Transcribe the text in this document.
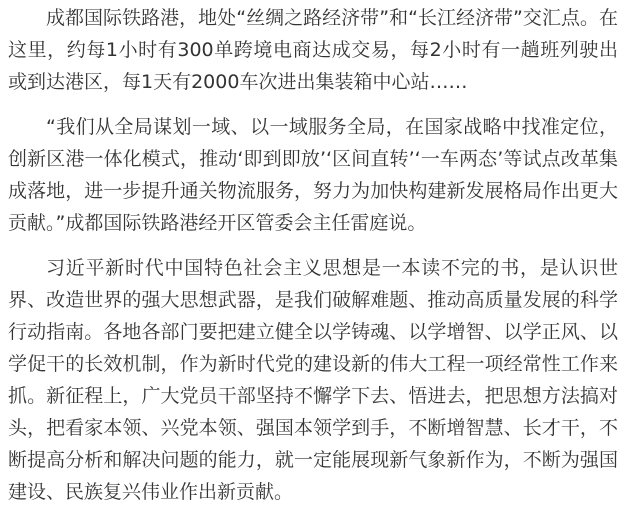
成都国际铁路港，地处“丝绸之路经济带”和“长江经济带”交汇点。在这里，约每1小时有300单跨境电商达成交易，每2小时有一趟班列驶出或到达港区，每1天有2000车次进出集装箱中心站……

“我们从全局谋划一域、以一域服务全局，在国家战略中找准定位，创新区港一体化模式，推动‘即到即放’‘区间直转’‘一车两态’等试点改革集成落地，进一步提升通关物流服务，努力为加快构建新发展格局作出更大贡献。”成都国际铁路港经开区管委会主任雷庭说。

习近平新时代中国特色社会主义思想是一本读不完的书，是认识世界、改造世界的强大思想武器，是我们破解难题、推动高质量发展的科学行动指南。各地各部门要把建立健全以学铸魂、以学增智、以学正风、以学促干的长效机制，作为新时代党的建设新的伟大工程一项经常性工作来抓。新征程上，广大党员干部坚持不懈学下去、悟进去，把思想方法搞对头，把看家本领、兴党本领、强国本领学到手，不断增智慧、长才干，不断提高分析和解决问题的能力，就一定能展现新气象新作为，不断为强国建设、民族复兴伟业作出新贡献。
